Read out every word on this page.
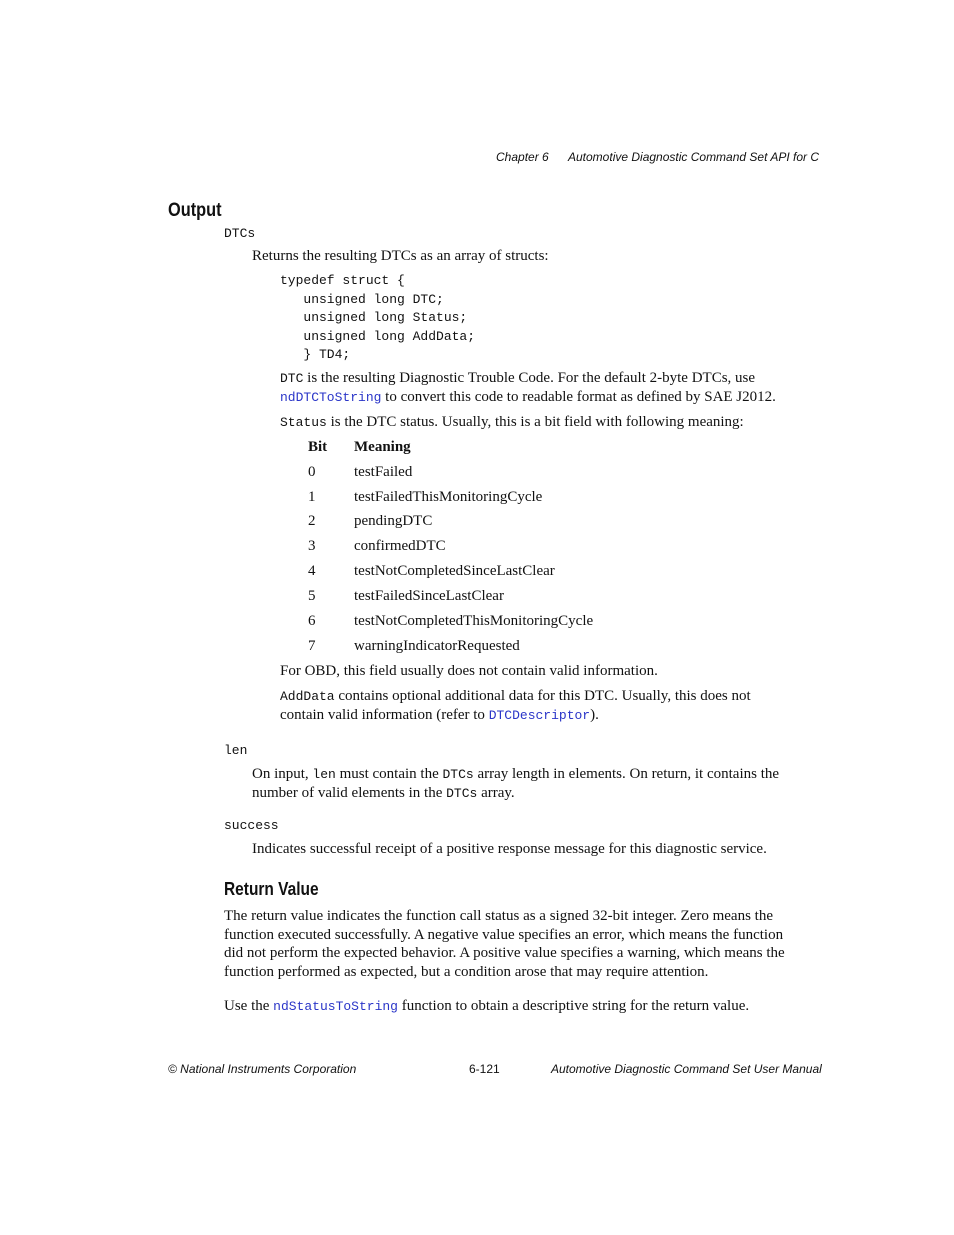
Chapter 6 Automotive Diagnostic Command Set API for C
Output
DTCs
Returns the resulting DTCs as an array of structs:
typedef struct {
unsigned long DTC;
unsigned long Status;
unsigned long AddData;
} TD4;
DTC is the resulting Diagnostic Trouble Code. For the default 2-byte DTCs, use
ndDTCToString to convert this code to readable format as defined by SAE J2012.
Status is the DTC status. Usually, this is a bit field with following meaning:
Bit Meaning
0	testFailed
1	testFailedThisMonitoringCycle
2	pendingDTC
3	confirmedDTC
4	testNotCompletedSinceLastClear
5	testFailedSinceLastClear
6	testNotCompletedThisMonitoringCycle
7	warningIndicatorRequested
For OBD, this field usually does not contain valid information.
AddData contains optional additional data for this DTC. Usually, this does not
contain valid information (refer to DTCDescriptor).
len
On input, len must contain the DTCs array length in elements. On return, it contains the
number of valid elements in the DTCs array.
success
Indicates successful receipt of a positive response message for this diagnostic service.
Return Value
The return value indicates the function call status as a signed 32-bit integer. Zero means the
function executed successfully. A negative value specifies an error, which means the function
did not perform the expected behavior. A positive value specifies a warning, which means the
function performed as expected, but a condition arose that may require attention.
Use the ndStatusToString function to obtain a descriptive string for the return value.
© National Instruments Corporation	6-121	Automotive Diagnostic Command Set User Manual
